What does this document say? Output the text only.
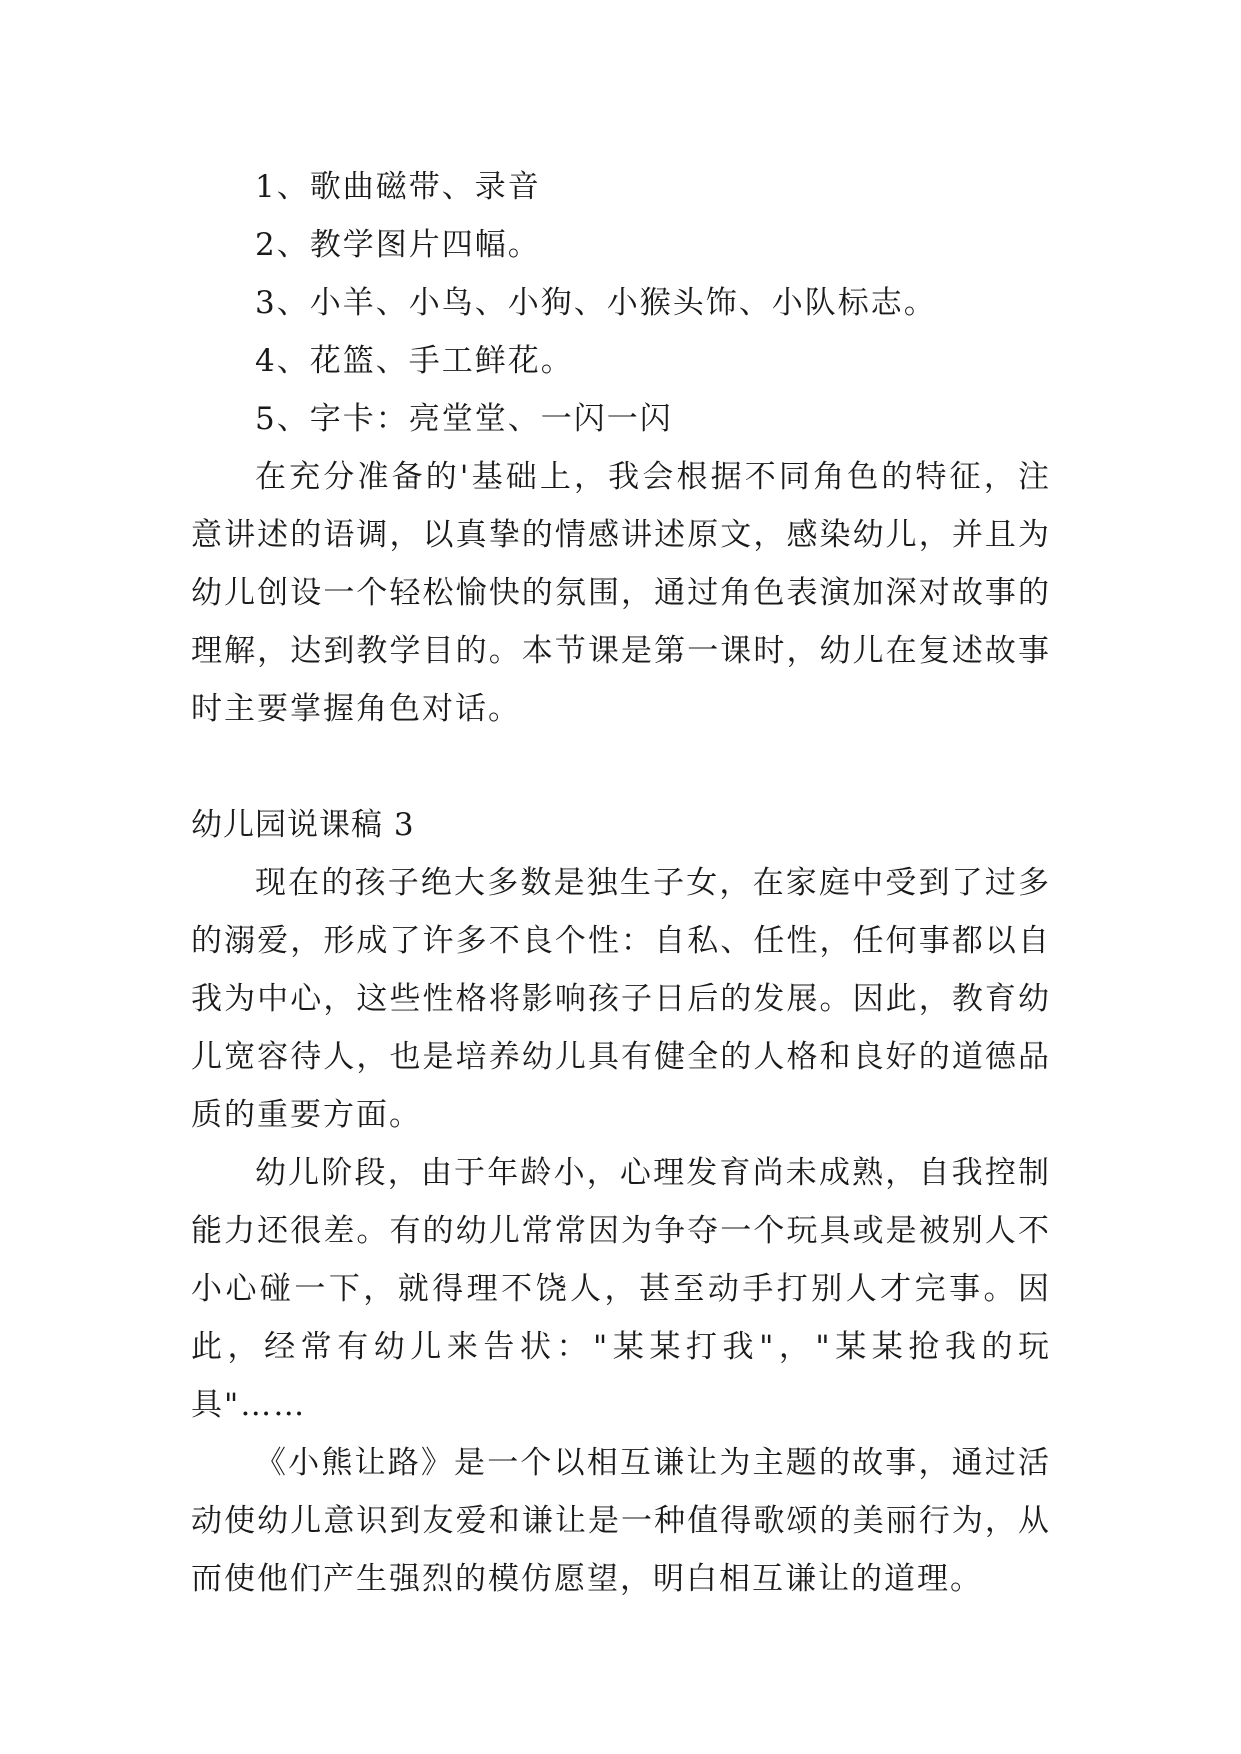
1、歌曲磁带、录音
2、教学图片四幅。
3、小羊、小鸟、小狗、小猴头饰、小队标志。
4、花篮、手工鲜花。
5、字卡：亮堂堂、一闪一闪

在充分准备的'基础上，我会根据不同角色的特征，注意讲述的语调，以真挚的情感讲述原文，感染幼儿，并且为幼儿创设一个轻松愉快的氛围，通过角色表演加深对故事的理解，达到教学目的。本节课是第一课时，幼儿在复述故事时主要掌握角色对话。

幼儿园说课稿 3

现在的孩子绝大多数是独生子女，在家庭中受到了过多的溺爱，形成了许多不良个性：自私、任性，任何事都以自我为中心，这些性格将影响孩子日后的发展。因此，教育幼儿宽容待人，也是培养幼儿具有健全的人格和良好的道德品质的重要方面。

幼儿阶段，由于年龄小，心理发育尚未成熟，自我控制能力还很差。有的幼儿常常因为争夺一个玩具或是被别人不小心碰一下，就得理不饶人，甚至动手打别人才完事。因此，经常有幼儿来告状："某某打我"，"某某抢我的玩具"……

《小熊让路》是一个以相互谦让为主题的故事，通过活动使幼儿意识到友爱和谦让是一种值得歌颂的美丽行为，从而使他们产生强烈的模仿愿望，明白相互谦让的道理。
